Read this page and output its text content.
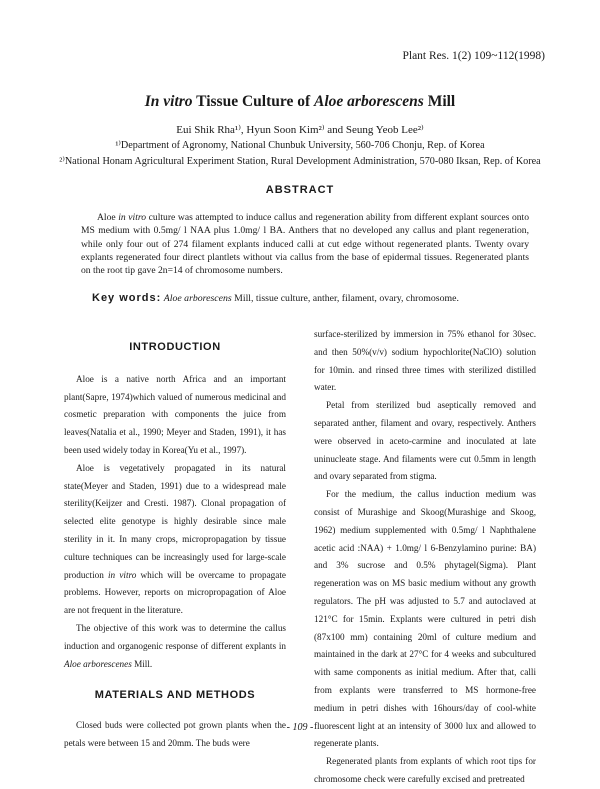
Plant Res. 1(2) 109~112(1998)
In vitro Tissue Culture of Aloe arborescens Mill
Eui Shik Rha¹⁾, Hyun Soon Kim²⁾ and Seung Yeob Lee²⁾
¹⁾Department of Agronomy, National Chunbuk University, 560-706 Chonju, Rep. of Korea
²⁾National Honam Agricultural Experiment Station, Rural Development Administration, 570-080 Iksan, Rep. of Korea
ABSTRACT
Aloe in vitro culture was attempted to induce callus and regeneration ability from different explant sources onto MS medium with 0.5mg/ l NAA plus 1.0mg/ l BA. Anthers that no developed any callus and plant regeneration, while only four out of 274 filament explants induced calli at cut edge without regenerated plants. Twenty ovary explants regenerated four direct plantlets without via callus from the base of epidermal tissues. Regenerated plants on the root tip gave 2n=14 of chromosome numbers.
Key words: Aloe arborescens Mill, tissue culture, anther, filament, ovary, chromosome.
INTRODUCTION

Aloe is a native north Africa and an important plant(Sapre, 1974)which valued of numerous medicinal and cosmetic preparation with components the juice from leaves(Natalia et al., 1990; Meyer and Staden, 1991), it has been used widely today in Korea(Yu et al., 1997).

Aloe is vegetatively propagated in its natural state(Meyer and Staden, 1991) due to a widespread male sterility(Keijzer and Cresti. 1987). Clonal propagation of selected elite genotype is highly desirable since male sterility in it. In many crops, micropropagation by tissue culture techniques can be increasingly used for large-scale production in vitro which will be overcame to propagate problems. However, reports on micropropagation of Aloe are not frequent in the literature.

The objective of this work was to determine the callus induction and organogenic response of different explants in Aloe arborescenes Mill.

MATERIALS AND METHODS

Closed buds were collected pot grown plants when the petals were between 15 and 20mm. The buds were

surface-sterilized by immersion in 75% ethanol for 30sec. and then 50%(v/v) sodium hypochlorite(NaClO) solution for 10min. and rinsed three times with sterilized distilled water.

Petal from sterilized bud aseptically removed and separated anther, filament and ovary, respectively. Anthers were observed in aceto-carmine and inoculated at late uninucleate stage. And filaments were cut 0.5mm in length and ovary separated from stigma.

For the medium, the callus induction medium was consist of Murashige and Skoog(Murashige and Skoog, 1962) medium supplemented with 0.5mg/ l Naphthalene acetic acid :NAA) + 1.0mg/ l 6-Benzylamino purine: BA) and 3% sucrose and 0.5% phytagel(Sigma). Plant regeneration was on MS basic medium without any growth regulators. The pH was adjusted to 5.7 and autoclaved at 121°C for 15min. Explants were cultured in petri dish (87x100 mm) containing 20ml of culture medium and maintained in the dark at 27°C for 4 weeks and subcultured with same components as initial medium. After that, calli from explants were transferred to MS hormone-free medium in petri dishes with 16hours/day of cool-white fluorescent light at an intensity of 3000 lux and allowed to regenerate plants.

Regenerated plants from explants of which root tips for chromosome check were carefully excised and pretreated

- 109 -
